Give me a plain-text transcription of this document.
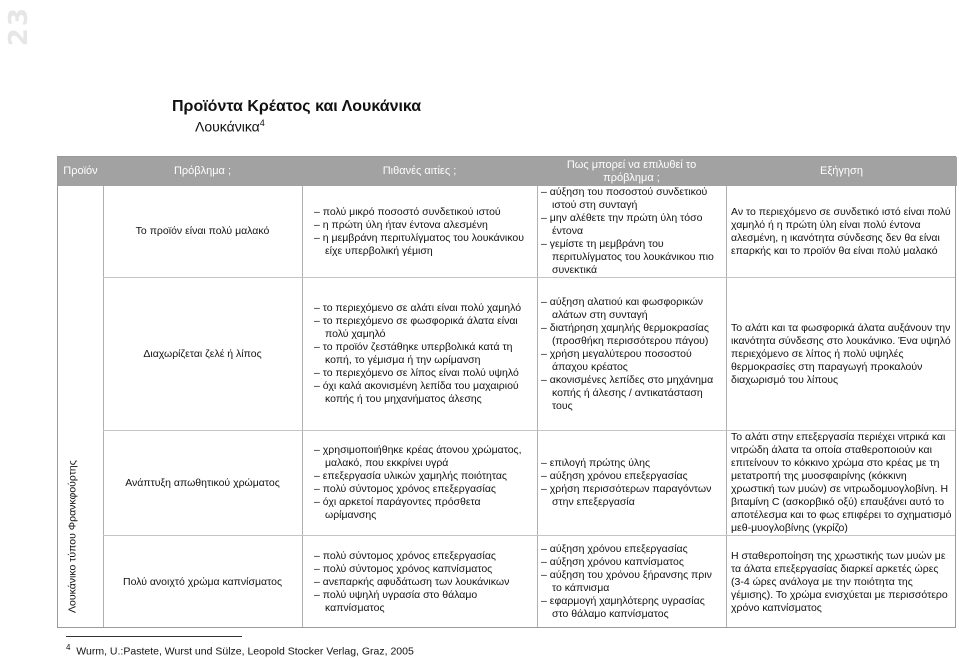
23
Προϊόντα Κρέατος και Λουκάνικα
Λουκάνικα$^4$
Προϊόν	Πρόβλημα ;	Πιθανές αιτίες ;
Πως μπορεί να επιλυθεί το πρόβλημα ;
Εξήγηση
Λουκάνικο τύπου Φρανκφούρτης
Το προϊόν είναι πολύ μαλακό
– πολύ μικρό ποσοστό συνδετικού ιστού
– η πρώτη ύλη ήταν έντονα αλεσμένη
– η μεμβράνη περιτυλίγματος του λουκάνικου είχε υπερβολική γέμιση
– αύξηση του ποσοστού συνδετικού ιστού στη συνταγή
– μην αλέθετε την πρώτη ύλη τόσο έντονα
– γεμίστε τη μεμβράνη του περιτυλίγματος του λουκάνικου πιο συνεκτικά
Αν το περιεχόμενο σε συνδετικό ιστό είναι πολύ χαμηλό ή η πρώτη ύλη είναι πολύ έντονα αλεσμένη, η ικανότητα σύνδεσης δεν θα είναι επαρκής και το προϊόν θα είναι πολύ μαλακό
Διαχωρίζεται ζελέ ή λίπος
– το περιεχόμενο σε αλάτι είναι πολύ χαμηλό
– το περιεχόμενο σε φωσφορικά άλατα είναι πολύ χαμηλό
– το προϊόν ζεστάθηκε υπερβολικά κατά τη κοπή, το γέμισμα ή την ωρίμανση
– το περιεχόμενο σε λίπος είναι πολύ υψηλό
– όχι καλά ακονισμένη λεπίδα του μαχαιριού κοπής ή του μηχανήματος άλεσης
– αύξηση αλατιού και φωσφορικών αλάτων στη συνταγή
– διατήρηση χαμηλής θερμοκρασίας (προσθήκη περισσότερου πάγου)
– χρήση μεγαλύτερου ποσοστού άπαχου κρέατος
– ακονισμένες λεπίδες στο μηχάνημα κοπής ή άλεσης / αντικατάσταση τους
Το αλάτι και τα φωσφορικά άλατα αυξάνουν την ικανότητα σύνδεσης στο λουκάνικο. Ένα υψηλό περιεχόμενο σε λίπος ή πολύ υψηλές θερμοκρασίες στη παραγωγή προκαλούν διαχωρισμό του λίπους
Ανάπτυξη απωθητικού χρώματος
– χρησιμοποιήθηκε κρέας άτονου χρώματος, μαλακό, που εκκρίνει υγρά
– επεξεργασία υλικών χαμηλής ποιότητας
– πολύ σύντομος χρόνος επεξεργασίας
– όχι αρκετοί παράγοντες πρόσθετα ωρίμανσης
– επιλογή πρώτης ύλης
– αύξηση χρόνου επεξεργασίας
– χρήση περισσότερων παραγόντων στην επεξεργασία
Το αλάτι στην επεξεργασία περιέχει νιτρικά και νιτρώδη άλατα τα οποία σταθεροποιούν και επιτείνουν το κόκκινο χρώμα στο κρέας με τη μετατροπή της μυοσφαιρίνης (κόκκινη χρωστική των μυών) σε νιτρωδομυογλοβίνη. Η βιταμίνη C (ασκορβικό οξύ) επαυξάνει αυτό το αποτέλεσμα και το φως επιφέρει το σχηματισμό μεθ-μυογλοβίνης (γκρίζο)
Πολύ ανοιχτό χρώμα καπνίσματος
– πολύ σύντομος χρόνος επεξεργασίας
– πολύ σύντομος χρόνος καπνίσματος
– ανεπαρκής αφυδάτωση των λουκάνικων
– πολύ υψηλή υγρασία στο θάλαμο καπνίσματος
– αύξηση χρόνου επεξεργασίας
– αύξηση χρόνου καπνίσματος
– αύξηση του χρόνου ξήρανσης πριν το κάπνισμα
– εφαρμογή χαμηλότερης υγρασίας στο θάλαμο καπνίσματος
Η σταθεροποίηση της χρωστικής των μυών με τα άλατα επεξεργασίας διαρκεί αρκετές ώρες (3-4 ώρες ανάλογα με την ποιότητα της γέμισης). Το χρώμα ενισχύεται με περισσότερο χρόνο καπνίσματος
$^4$ Wurm, U.:Pastete, Wurst und Sülze, Leopold Stocker Verlag, Graz, 2005
